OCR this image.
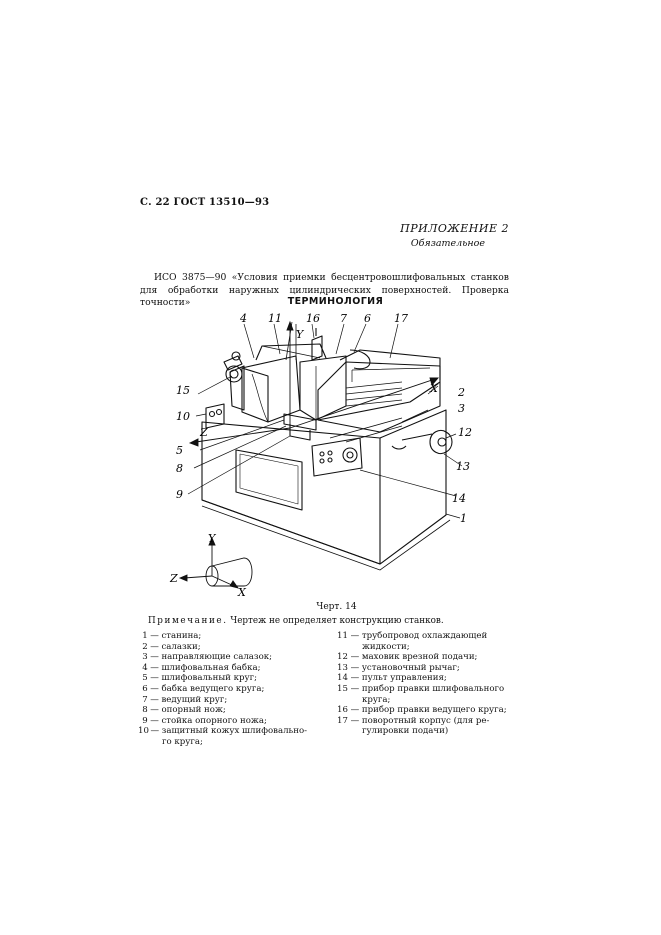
С. 22 ГОСТ 13510—93
ПРИЛОЖЕНИЕ 2
Обязательное
ИСО 3875—90 «Условия приемки бесцентровошлифовальных станков для обработки наружных цилиндрических поверхностей. Проверка точности»	ТЕРМИНОЛОГИЯ
Y
Z
X
4 11 16 7 6 17
2
3
12
13
14
1
15
10
5
8
9
Y
Z
X
Черт. 14
Примечание. Чертеж не определяет конструкцию станков.
1 — станина;
2 — салазки;
3 — направляющие салазок;
4 — шлифовальная бабка;
5 — шлифовальный круг;
6 — бабка ведущего круга;
7 — ведущий круг;
8 — опорный нож;
9 — стойка опорного ножа;
10 — защитный кожух шлифовально-
го круга;
11 — трубопровод охлаждающей
жидкости;
12 — маховик врезной подачи;
13 — установочный рычаг;
14 — пульт управления;
15 — прибор правки шлифовального
круга;
16 — прибор правки ведущего круга;
17 — поворотный корпус (для ре-
гулировки подачи)
